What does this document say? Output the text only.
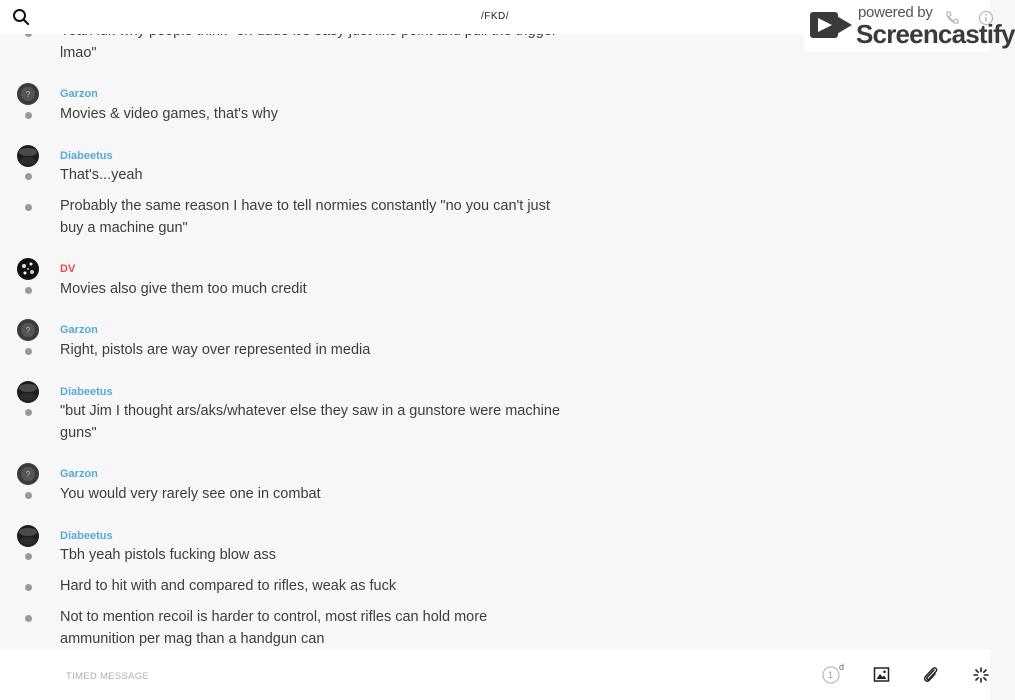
lmao"
?	Garzon
Movies & video games, that's why
Diabeetus
That's...yeah
Probably the same reason I have to tell normies constantly "no you can't just
buy a machine gun"
DV
Movies also give them too much credit
?	Garzon
Right, pistols are way over represented in media
Diabeetus
"but Jim I thought ars/aks/whatever else they saw in a gunstore were machine
guns"
?	Garzon
You would very rarely see one in combat
Diabeetus
Tbh yeah pistols fucking blow ass
Hard to hit with and compared to rifles, weak as fuck
Not to mention recoil is harder to control, most rifles can hold more
ammunition per mag than a handgun can
/FKD/	powered by
Screencastify
TIMED MESSAGE
1
d
